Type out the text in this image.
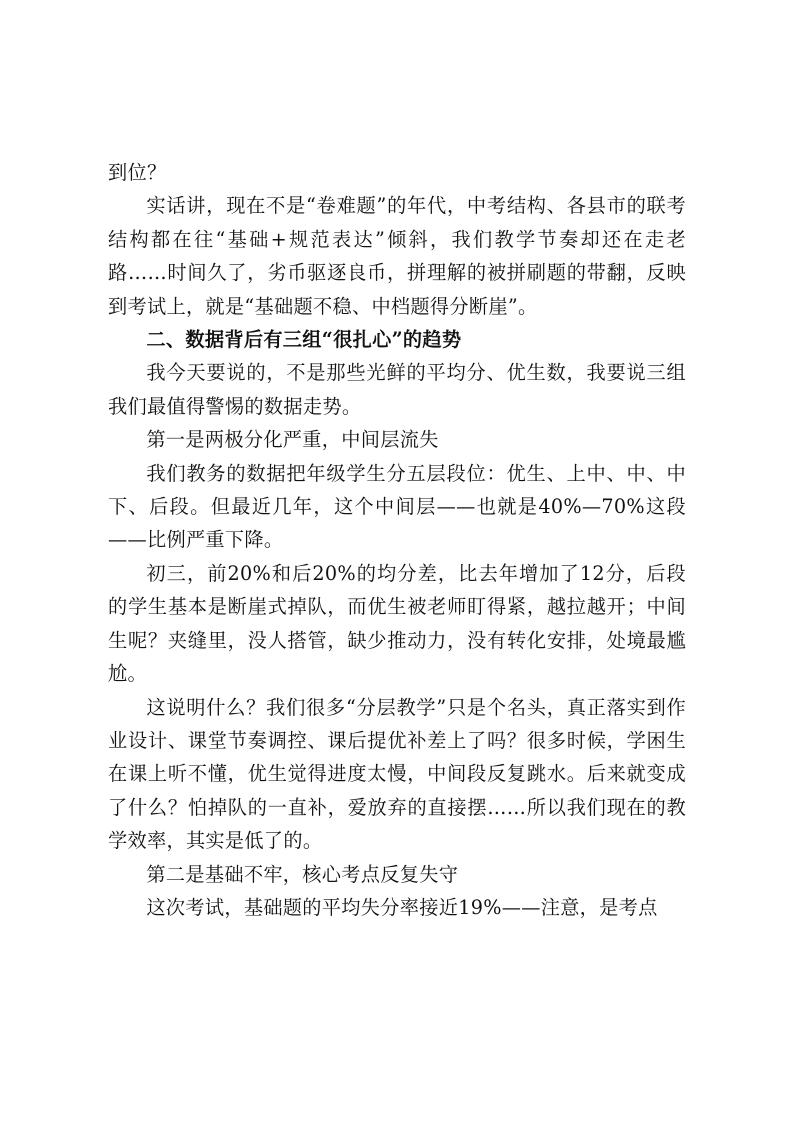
到位？

实话讲，现在不是“卷难题”的年代，中考结构、各县市的联考结构都在往“基础+规范表达”倾斜，我们教学节奏却还在走老路……时间久了，劣币驱逐良币，拼理解的被拼刷题的带翻，反映到考试上，就是“基础题不稳、中档题得分断崖”。

二、数据背后有三组“很扎心”的趋势

我今天要说的，不是那些光鲜的平均分、优生数，我要说三组我们最值得警惕的数据走势。

第一是两极分化严重，中间层流失

我们教务的数据把年级学生分五层段位：优生、上中、中、中下、后段。但最近几年，这个中间层——也就是40%—70%这段——比例严重下降。

初三，前20%和后20%的均分差，比去年增加了12分，后段的学生基本是断崖式掉队，而优生被老师盯得紧，越拉越开；中间生呢？夹缝里，没人搭管，缺少推动力，没有转化安排，处境最尴尬。

这说明什么？我们很多“分层教学”只是个名头，真正落实到作业设计、课堂节奏调控、课后提优补差上了吗？很多时候，学困生在课上听不懂，优生觉得进度太慢，中间段反复跳水。后来就变成了什么？怕掉队的一直补，爱放弃的直接摆……所以我们现在的教学效率，其实是低了的。

第二是基础不牢，核心考点反复失守

这次考试，基础题的平均失分率接近19%——注意，是考点
